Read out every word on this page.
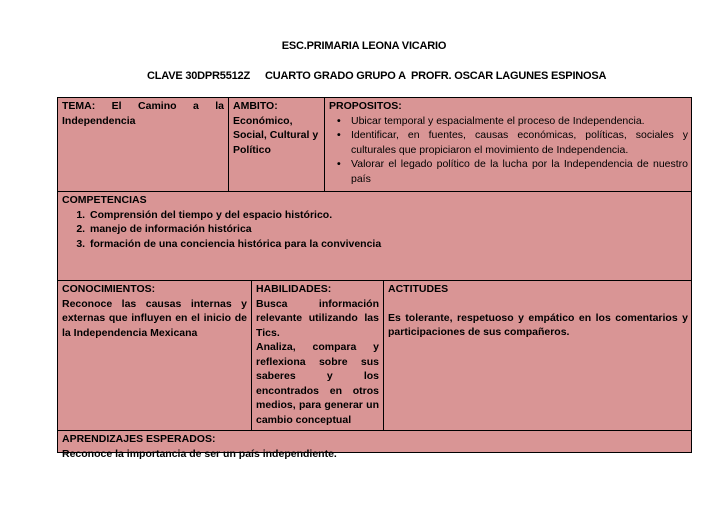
ESC.PRIMARIA LEONA VICARIO
CLAVE 30DPR5512Z CUARTO GRADO GRUPO A PROFR. OSCAR LAGUNES ESPINOSA
TEMA: El Camino a la Independencia
AMBITO:
Económico, Social, Cultural y Político
PROPOSITOS:
• Ubicar temporal y espacialmente el proceso de Independencia.
• Identificar, en fuentes, causas económicas, políticas, sociales y culturales que propiciaron el movimiento de Independencia.
• Valorar el legado político de la lucha por la Independencia de nuestro país
COMPETENCIAS
1. Comprensión del tiempo y del espacio histórico.
2. manejo de información histórica
3. formación de una conciencia histórica para la convivencia
CONOCIMIENTOS:
Reconoce las causas internas y externas que influyen en el inicio de la Independencia Mexicana
HABILIDADES:
Busca información relevante utilizando las Tics.
Analiza, compara y reflexiona sobre sus saberes y los encontrados en otros medios, para generar un cambio conceptual
ACTITUDES
Es tolerante, respetuoso y empático en los comentarios y participaciones de sus compañeros.
APRENDIZAJES ESPERADOS:
Reconoce la importancia de ser un país independiente.
